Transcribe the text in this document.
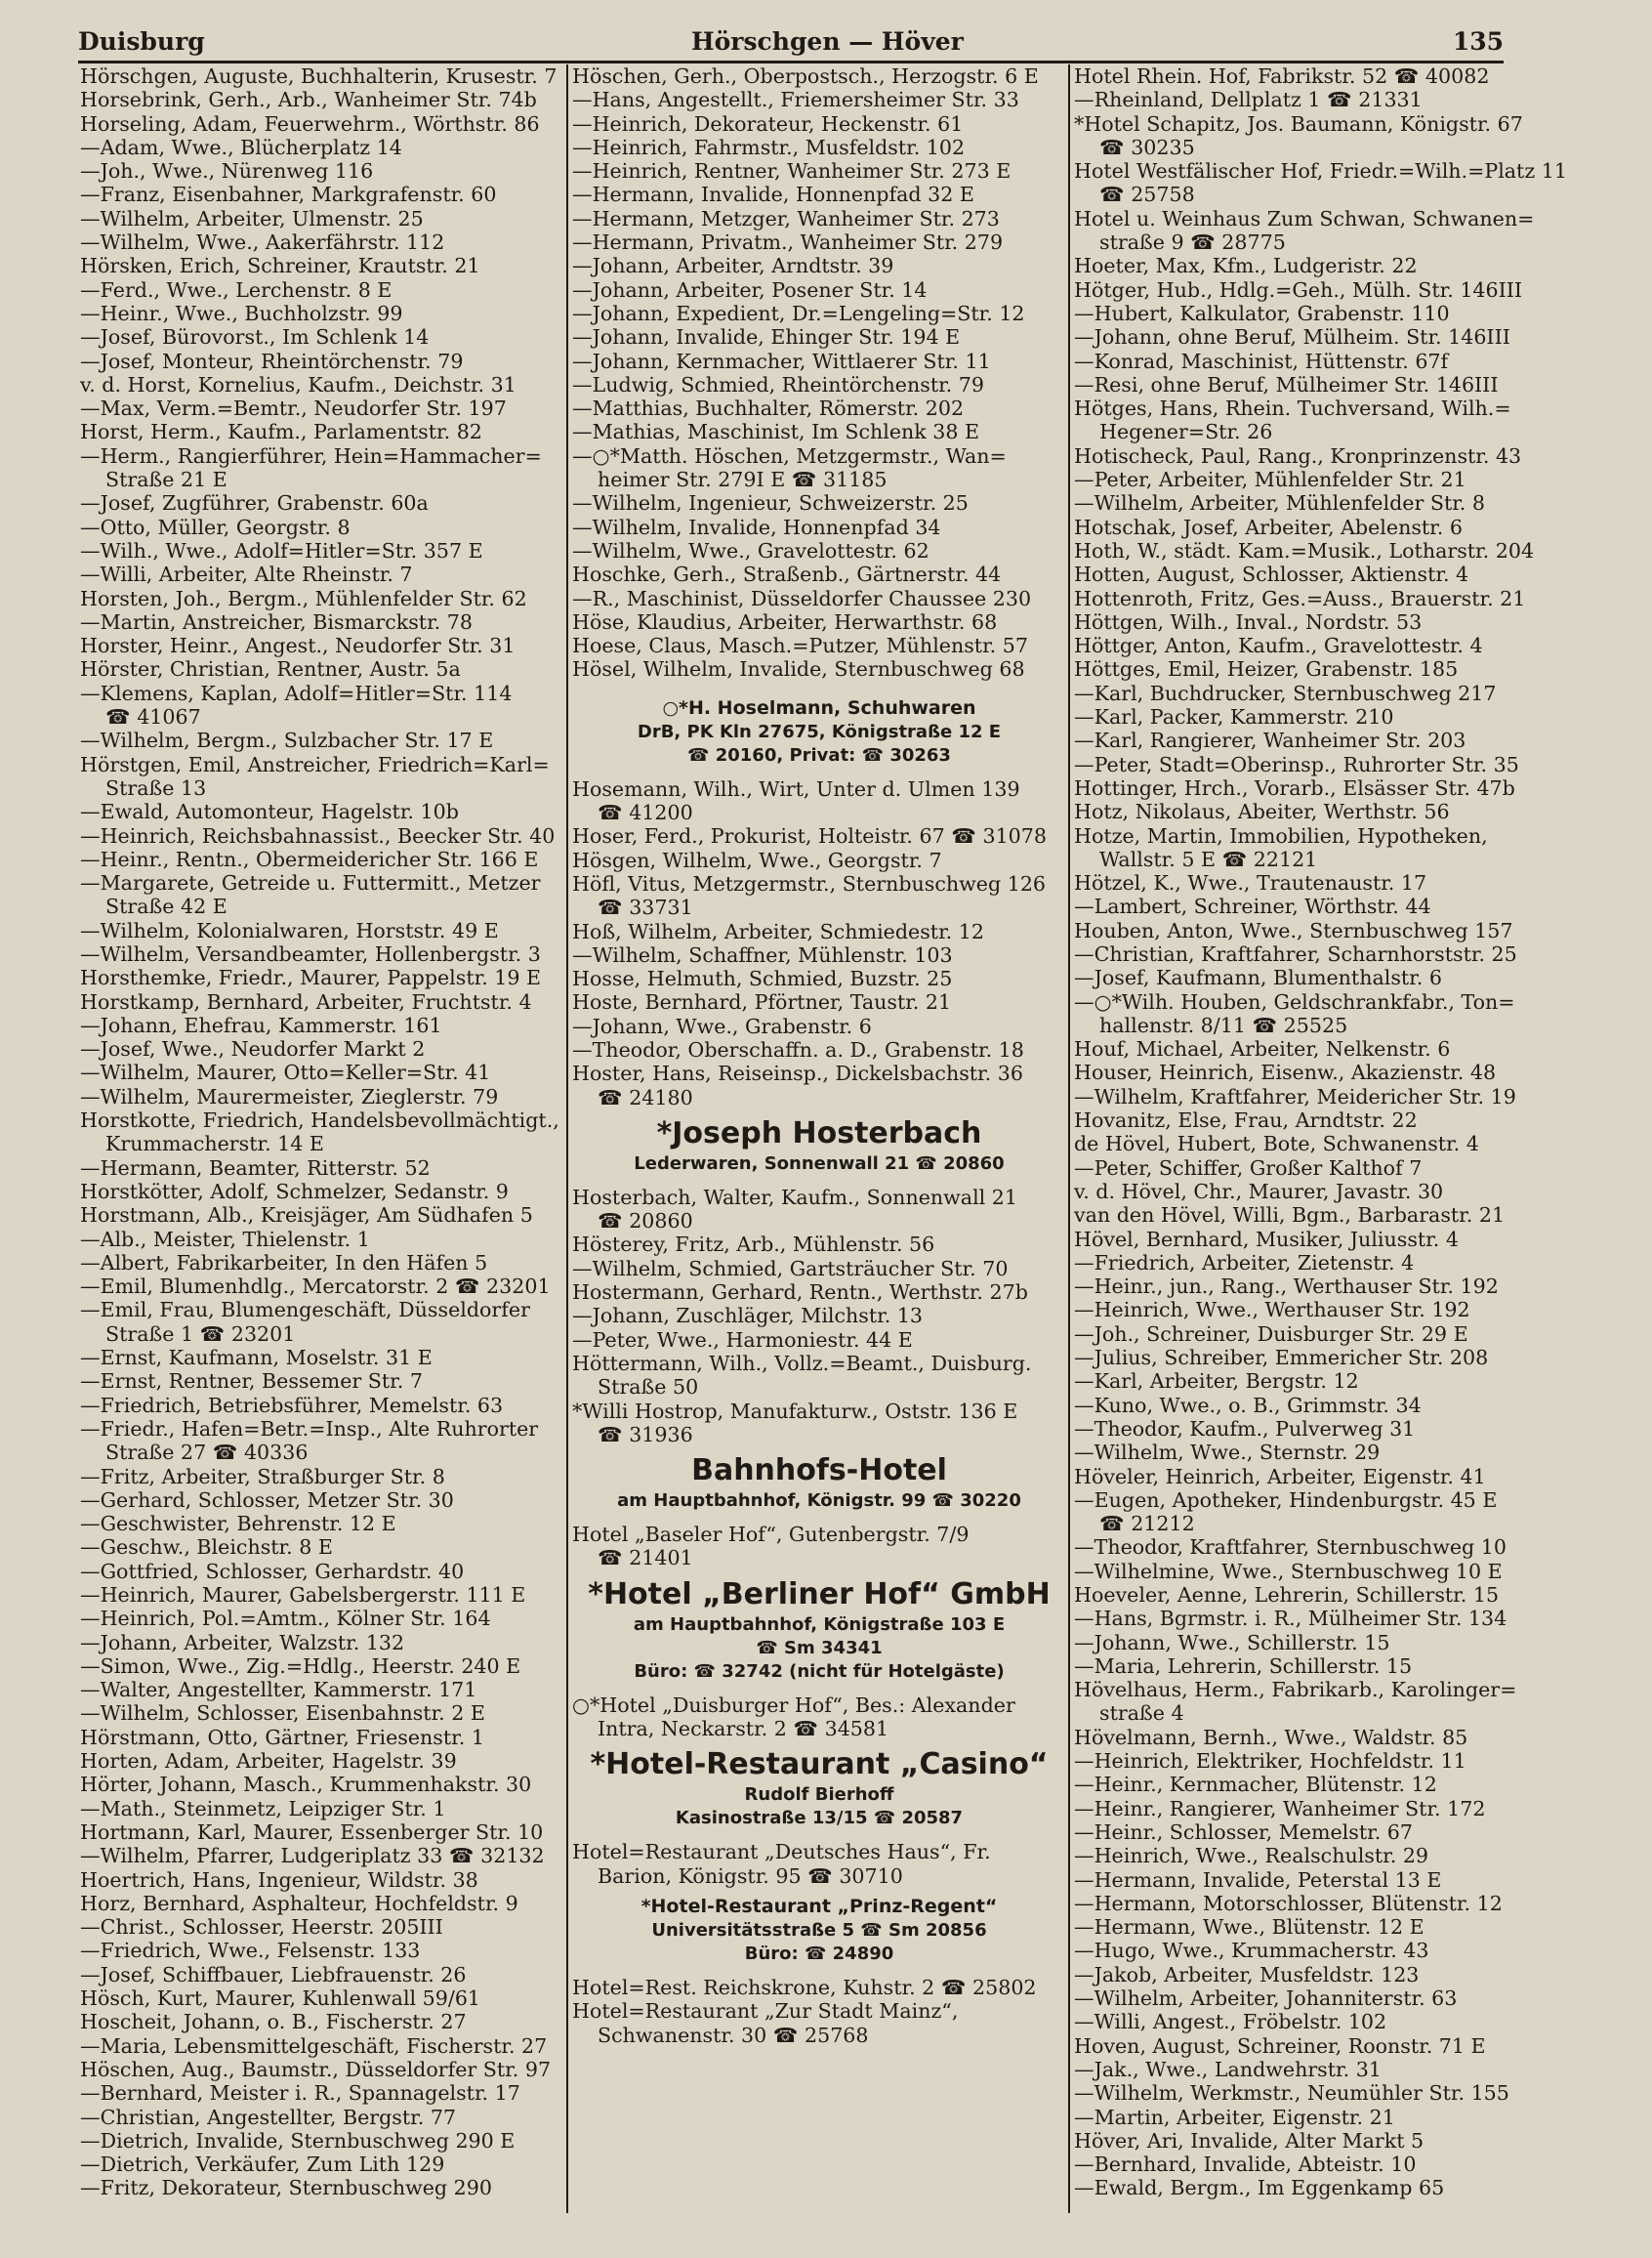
Duisburg	Hörschgen — Höver	135
Hörschgen, Auguste, Buchhalterin, Krusestr. 7
Horsebrink, Gerh., Arb., Wanheimer Str. 74b
Horseling, Adam, Feuerwehrm., Wörthstr. 86
—Adam, Wwe., Blücherplatz 14
—Joh., Wwe., Nürenweg 116
—Franz, Eisenbahner, Markgrafenstr. 60
—Wilhelm, Arbeiter, Ulmenstr. 25
—Wilhelm, Wwe., Aakerfährstr. 112
Hörsken, Erich, Schreiner, Krautstr. 21
—Ferd., Wwe., Lerchenstr. 8 E
—Heinr., Wwe., Buchholzstr. 99
—Josef, Bürovorst., Im Schlenk 14
—Josef, Monteur, Rheintörchenstr. 79
v. d. Horst, Kornelius, Kaufm., Deichstr. 31
—Max, Verm.=Bemtr., Neudorfer Str. 197
Horst, Herm., Kaufm., Parlamentstr. 82
—Herm., Rangierführer, Hein=Hammacher=
Straße 21 E
—Josef, Zugführer, Grabenstr. 60a
—Otto, Müller, Georgstr. 8
—Wilh., Wwe., Adolf=Hitler=Str. 357 E
—Willi, Arbeiter, Alte Rheinstr. 7
Horsten, Joh., Bergm., Mühlenfelder Str. 62
—Martin, Anstreicher, Bismarckstr. 78
Horster, Heinr., Angest., Neudorfer Str. 31
Hörster, Christian, Rentner, Austr. 5a
—Klemens, Kaplan, Adolf=Hitler=Str. 114
☎ 41067
—Wilhelm, Bergm., Sulzbacher Str. 17 E
Hörstgen, Emil, Anstreicher, Friedrich=Karl=
Straße 13
—Ewald, Automonteur, Hagelstr. 10b
—Heinrich, Reichsbahnassist., Beecker Str. 40
—Heinr., Rentn., Obermeidericher Str. 166 E
—Margarete, Getreide u. Futtermitt., Metzer
Straße 42 E
—Wilhelm, Kolonialwaren, Horststr. 49 E
—Wilhelm, Versandbeamter, Hollenbergstr. 3
Horsthemke, Friedr., Maurer, Pappelstr. 19 E
Horstkamp, Bernhard, Arbeiter, Fruchtstr. 4
—Johann, Ehefrau, Kammerstr. 161
—Josef, Wwe., Neudorfer Markt 2
—Wilhelm, Maurer, Otto=Keller=Str. 41
—Wilhelm, Maurermeister, Zieglerstr. 79
Horstkotte, Friedrich, Handelsbevollmächtigt.,
Krummacherstr. 14 E
—Hermann, Beamter, Ritterstr. 52
Horstkötter, Adolf, Schmelzer, Sedanstr. 9
Horstmann, Alb., Kreisjäger, Am Südhafen 5
—Alb., Meister, Thielenstr. 1
—Albert, Fabrikarbeiter, In den Häfen 5
—Emil, Blumenhdlg., Mercatorstr. 2 ☎ 23201
—Emil, Frau, Blumengeschäft, Düsseldorfer
Straße 1 ☎ 23201
—Ernst, Kaufmann, Moselstr. 31 E
—Ernst, Rentner, Bessemer Str. 7
—Friedrich, Betriebsführer, Memelstr. 63
—Friedr., Hafen=Betr.=Insp., Alte Ruhrorter
Straße 27 ☎ 40336
—Fritz, Arbeiter, Straßburger Str. 8
—Gerhard, Schlosser, Metzer Str. 30
—Geschwister, Behrenstr. 12 E
—Geschw., Bleichstr. 8 E
—Gottfried, Schlosser, Gerhardstr. 40
—Heinrich, Maurer, Gabelsbergerstr. 111 E
—Heinrich, Pol.=Amtm., Kölner Str. 164
—Johann, Arbeiter, Walzstr. 132
—Simon, Wwe., Zig.=Hdlg., Heerstr. 240 E
—Walter, Angestellter, Kammerstr. 171
—Wilhelm, Schlosser, Eisenbahnstr. 2 E
Hörstmann, Otto, Gärtner, Friesenstr. 1
Horten, Adam, Arbeiter, Hagelstr. 39
Hörter, Johann, Masch., Krummenhakstr. 30
—Math., Steinmetz, Leipziger Str. 1
Hortmann, Karl, Maurer, Essenberger Str. 10
—Wilhelm, Pfarrer, Ludgeriplatz 33 ☎ 32132
Hoertrich, Hans, Ingenieur, Wildstr. 38
Horz, Bernhard, Asphalteur, Hochfeldstr. 9
—Christ., Schlosser, Heerstr. 205III
—Friedrich, Wwe., Felsenstr. 133
—Josef, Schiffbauer, Liebfrauenstr. 26
Hösch, Kurt, Maurer, Kuhlenwall 59/61
Hoscheit, Johann, o. B., Fischerstr. 27
—Maria, Lebensmittelgeschäft, Fischerstr. 27
Höschen, Aug., Baumstr., Düsseldorfer Str. 97
—Bernhard, Meister i. R., Spannagelstr. 17
—Christian, Angestellter, Bergstr. 77
—Dietrich, Invalide, Sternbuschweg 290 E
—Dietrich, Verkäufer, Zum Lith 129
—Fritz, Dekorateur, Sternbuschweg 290
Höschen, Gerh., Oberpostsch., Herzogstr. 6 E
—Hans, Angestellt., Friemersheimer Str. 33
—Heinrich, Dekorateur, Heckenstr. 61
—Heinrich, Fahrmstr., Musfeldstr. 102
—Heinrich, Rentner, Wanheimer Str. 273 E
—Hermann, Invalide, Honnenpfad 32 E
—Hermann, Metzger, Wanheimer Str. 273
—Hermann, Privatm., Wanheimer Str. 279
—Johann, Arbeiter, Arndtstr. 39
—Johann, Arbeiter, Posener Str. 14
—Johann, Expedient, Dr.=Lengeling=Str. 12
—Johann, Invalide, Ehinger Str. 194 E
—Johann, Kernmacher, Wittlaerer Str. 11
—Ludwig, Schmied, Rheintörchenstr. 79
—Matthias, Buchhalter, Römerstr. 202
—Mathias, Maschinist, Im Schlenk 38 E
—○*Matth. Höschen, Metzgermstr., Wan=
heimer Str. 279I E ☎ 31185
—Wilhelm, Ingenieur, Schweizerstr. 25
—Wilhelm, Invalide, Honnenpfad 34
—Wilhelm, Wwe., Gravelottestr. 62
Hoschke, Gerh., Straßenb., Gärtnerstr. 44
—R., Maschinist, Düsseldorfer Chaussee 230
Höse, Klaudius, Arbeiter, Herwarthstr. 68
Hoese, Claus, Masch.=Putzer, Mühlenstr. 57
Hösel, Wilhelm, Invalide, Sternbuschweg 68
○*H. Hoselmann, Schuhwaren
DrB, PK Kln 27675, Königstraße 12 E
☎ 20160, Privat: ☎ 30263
Hosemann, Wilh., Wirt, Unter d. Ulmen 139
☎ 41200
Hoser, Ferd., Prokurist, Holteistr. 67 ☎ 31078
Hösgen, Wilhelm, Wwe., Georgstr. 7
Höfl, Vitus, Metzgermstr., Sternbuschweg 126
☎ 33731
Hoß, Wilhelm, Arbeiter, Schmiedestr. 12
—Wilhelm, Schaffner, Mühlenstr. 103
Hosse, Helmuth, Schmied, Buzstr. 25
Hoste, Bernhard, Pförtner, Taustr. 21
—Johann, Wwe., Grabenstr. 6
—Theodor, Oberschaffn. a. D., Grabenstr. 18
Hoster, Hans, Reiseinsp., Dickelsbachstr. 36
☎ 24180
*Joseph Hosterbach
Lederwaren, Sonnenwall 21 ☎ 20860
Hosterbach, Walter, Kaufm., Sonnenwall 21
☎ 20860
Hösterey, Fritz, Arb., Mühlenstr. 56
—Wilhelm, Schmied, Gartsträucher Str. 70
Hostermann, Gerhard, Rentn., Werthstr. 27b
—Johann, Zuschläger, Milchstr. 13
—Peter, Wwe., Harmoniestr. 44 E
Höttermann, Wilh., Vollz.=Beamt., Duisburg.
Straße 50
*Willi Hostrop, Manufakturw., Oststr. 136 E
☎ 31936
Bahnhofs-Hotel
am Hauptbahnhof, Königstr. 99 ☎ 30220
Hotel „Baseler Hof“, Gutenbergstr. 7/9
☎ 21401
*Hotel „Berliner Hof“ GmbH
am Hauptbahnhof, Königstraße 103 E
☎ Sm 34341
Büro: ☎ 32742 (nicht für Hotelgäste)
○*Hotel „Duisburger Hof“, Bes.: Alexander
Intra, Neckarstr. 2 ☎ 34581
*Hotel-Restaurant „Casino“
Rudolf Bierhoff
Kasinostraße 13/15 ☎ 20587
Hotel=Restaurant „Deutsches Haus“, Fr.
Barion, Königstr. 95 ☎ 30710
*Hotel-Restaurant „Prinz-Regent“
Universitätsstraße 5 ☎ Sm 20856
Büro: ☎ 24890
Hotel=Rest. Reichskrone, Kuhstr. 2 ☎ 25802
Hotel=Restaurant „Zur Stadt Mainz“,
Schwanenstr. 30 ☎ 25768
Hotel Rhein. Hof, Fabrikstr. 52 ☎ 40082
—Rheinland, Dellplatz 1 ☎ 21331
*Hotel Schapitz, Jos. Baumann, Königstr. 67
☎ 30235
Hotel Westfälischer Hof, Friedr.=Wilh.=Platz 11
☎ 25758
Hotel u. Weinhaus Zum Schwan, Schwanen=
straße 9 ☎ 28775
Hoeter, Max, Kfm., Ludgeristr. 22
Hötger, Hub., Hdlg.=Geh., Mülh. Str. 146III
—Hubert, Kalkulator, Grabenstr. 110
—Johann, ohne Beruf, Mülheim. Str. 146III
—Konrad, Maschinist, Hüttenstr. 67f
—Resi, ohne Beruf, Mülheimer Str. 146III
Hötges, Hans, Rhein. Tuchversand, Wilh.=
Hegener=Str. 26
Hotischeck, Paul, Rang., Kronprinzenstr. 43
—Peter, Arbeiter, Mühlenfelder Str. 21
—Wilhelm, Arbeiter, Mühlenfelder Str. 8
Hotschak, Josef, Arbeiter, Abelenstr. 6
Hoth, W., städt. Kam.=Musik., Lotharstr. 204
Hotten, August, Schlosser, Aktienstr. 4
Hottenroth, Fritz, Ges.=Auss., Brauerstr. 21
Höttgen, Wilh., Inval., Nordstr. 53
Höttger, Anton, Kaufm., Gravelottestr. 4
Höttges, Emil, Heizer, Grabenstr. 185
—Karl, Buchdrucker, Sternbuschweg 217
—Karl, Packer, Kammerstr. 210
—Karl, Rangierer, Wanheimer Str. 203
—Peter, Stadt=Oberinsp., Ruhrorter Str. 35
Hottinger, Hrch., Vorarb., Elsässer Str. 47b
Hotz, Nikolaus, Abeiter, Werthstr. 56
Hotze, Martin, Immobilien, Hypotheken,
Wallstr. 5 E ☎ 22121
Hötzel, K., Wwe., Trautenaustr. 17
—Lambert, Schreiner, Wörthstr. 44
Houben, Anton, Wwe., Sternbuschweg 157
—Christian, Kraftfahrer, Scharnhorststr. 25
—Josef, Kaufmann, Blumenthalstr. 6
—○*Wilh. Houben, Geldschrankfabr., Ton=
hallenstr. 8/11 ☎ 25525
Houf, Michael, Arbeiter, Nelkenstr. 6
Houser, Heinrich, Eisenw., Akazienstr. 48
—Wilhelm, Kraftfahrer, Meidericher Str. 19
Hovanitz, Else, Frau, Arndtstr. 22
de Hövel, Hubert, Bote, Schwanenstr. 4
—Peter, Schiffer, Großer Kalthof 7
v. d. Hövel, Chr., Maurer, Javastr. 30
van den Hövel, Willi, Bgm., Barbarastr. 21
Hövel, Bernhard, Musiker, Juliusstr. 4
—Friedrich, Arbeiter, Zietenstr. 4
—Heinr., jun., Rang., Werthauser Str. 192
—Heinrich, Wwe., Werthauser Str. 192
—Joh., Schreiner, Duisburger Str. 29 E
—Julius, Schreiber, Emmericher Str. 208
—Karl, Arbeiter, Bergstr. 12
—Kuno, Wwe., o. B., Grimmstr. 34
—Theodor, Kaufm., Pulverweg 31
—Wilhelm, Wwe., Sternstr. 29
Höveler, Heinrich, Arbeiter, Eigenstr. 41
—Eugen, Apotheker, Hindenburgstr. 45 E
☎ 21212
—Theodor, Kraftfahrer, Sternbuschweg 10
—Wilhelmine, Wwe., Sternbuschweg 10 E
Hoeveler, Aenne, Lehrerin, Schillerstr. 15
—Hans, Bgrmstr. i. R., Mülheimer Str. 134
—Johann, Wwe., Schillerstr. 15
—Maria, Lehrerin, Schillerstr. 15
Hövelhaus, Herm., Fabrikarb., Karolinger=
straße 4
Hövelmann, Bernh., Wwe., Waldstr. 85
—Heinrich, Elektriker, Hochfeldstr. 11
—Heinr., Kernmacher, Blütenstr. 12
—Heinr., Rangierer, Wanheimer Str. 172
—Heinr., Schlosser, Memelstr. 67
—Heinrich, Wwe., Realschulstr. 29
—Hermann, Invalide, Peterstal 13 E
—Hermann, Motorschlosser, Blütenstr. 12
—Hermann, Wwe., Blütenstr. 12 E
—Hugo, Wwe., Krummacherstr. 43
—Jakob, Arbeiter, Musfeldstr. 123
—Wilhelm, Arbeiter, Johanniterstr. 63
—Willi, Angest., Fröbelstr. 102
Hoven, August, Schreiner, Roonstr. 71 E
—Jak., Wwe., Landwehrstr. 31
—Wilhelm, Werkmstr., Neumühler Str. 155
—Martin, Arbeiter, Eigenstr. 21
Höver, Ari, Invalide, Alter Markt 5
—Bernhard, Invalide, Abteistr. 10
—Ewald, Bergm., Im Eggenkamp 65
